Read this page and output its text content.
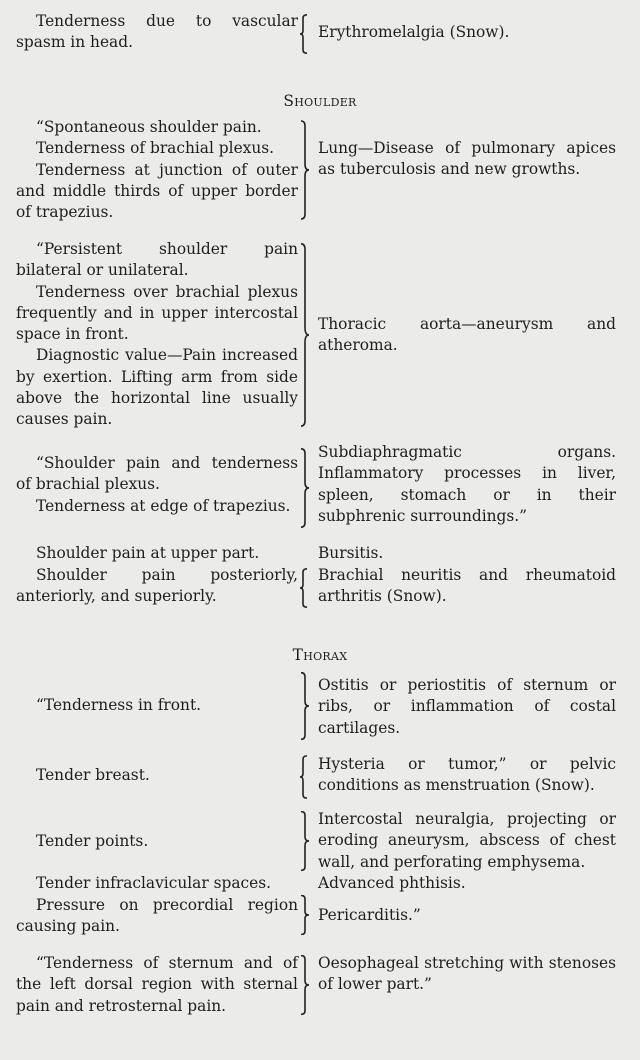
Tenderness due to vascular spasm in head.

Erythromelalgia (Snow).

Shoulder

“Spontaneous shoulder pain.

Tenderness of brachial plexus.

Tenderness at junction of outer and middle thirds of upper border of trapezius.

Lung—Disease of pulmonary apices as tuberculosis and new growths.

“Persistent shoulder pain bilateral or unilateral.

Tenderness over brachial plexus frequently and in upper intercostal space in front.

Diagnostic value—Pain increased by exertion. Lifting arm from side above the horizontal line usually causes pain.

Thoracic aorta—aneurysm and atheroma.

“Shoulder pain and tenderness of brachial plexus.

Tenderness at edge of trapezius.

Subdiaphragmatic organs. Inflammatory processes in liver, spleen, stomach or in their subphrenic surroundings.”

Shoulder pain at upper part.	Bursitis.

Shoulder pain posteriorly, anteriorly, and superiorly.

Brachial neuritis and rheumatoid arthritis (Snow).

Thorax

“Tenderness in front.

Ostitis or periostitis of sternum or ribs, or inflammation of costal cartilages.

Tender breast.

Hysteria or tumor,” or pelvic conditions as menstruation (Snow).

Tender points.

Intercostal neuralgia, projecting or eroding aneurysm, abscess of chest wall, and perforating emphysema.

Tender infraclavicular spaces.	Advanced phthisis.

Pressure on precordial region causing pain.

Pericarditis.”

“Tenderness of sternum and of the left dorsal region with sternal pain and retrosternal pain.

Oesophageal stretching with stenoses of lower part.”
